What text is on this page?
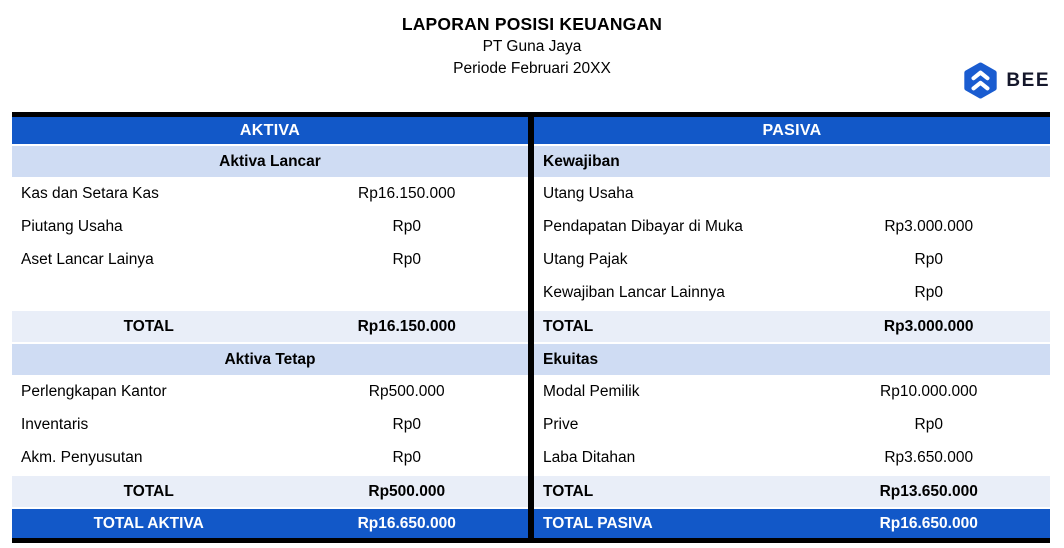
LAPORAN POSISI KEUANGAN
PT Guna Jaya
Periode Februari 20XX
BEE
AKTIVA
Aktiva Lancar
Kas dan Setara Kas	Rp16.150.000
Piutang Usaha	Rp0
Aset Lancar Lainya	Rp0
TOTAL	Rp16.150.000
Aktiva Tetap
Perlengkapan Kantor	Rp500.000
Inventaris	Rp0
Akm. Penyusutan	Rp0
TOTAL	Rp500.000
TOTAL AKTIVA	Rp16.650.000
PASIVA
Kewajiban
Utang Usaha
Pendapatan Dibayar di Muka	Rp3.000.000
Utang Pajak	Rp0
Kewajiban Lancar Lainnya	Rp0
TOTAL	Rp3.000.000
Ekuitas
Modal Pemilik	Rp10.000.000
Prive	Rp0
Laba Ditahan	Rp3.650.000
TOTAL	Rp13.650.000
TOTAL PASIVA	Rp16.650.000
